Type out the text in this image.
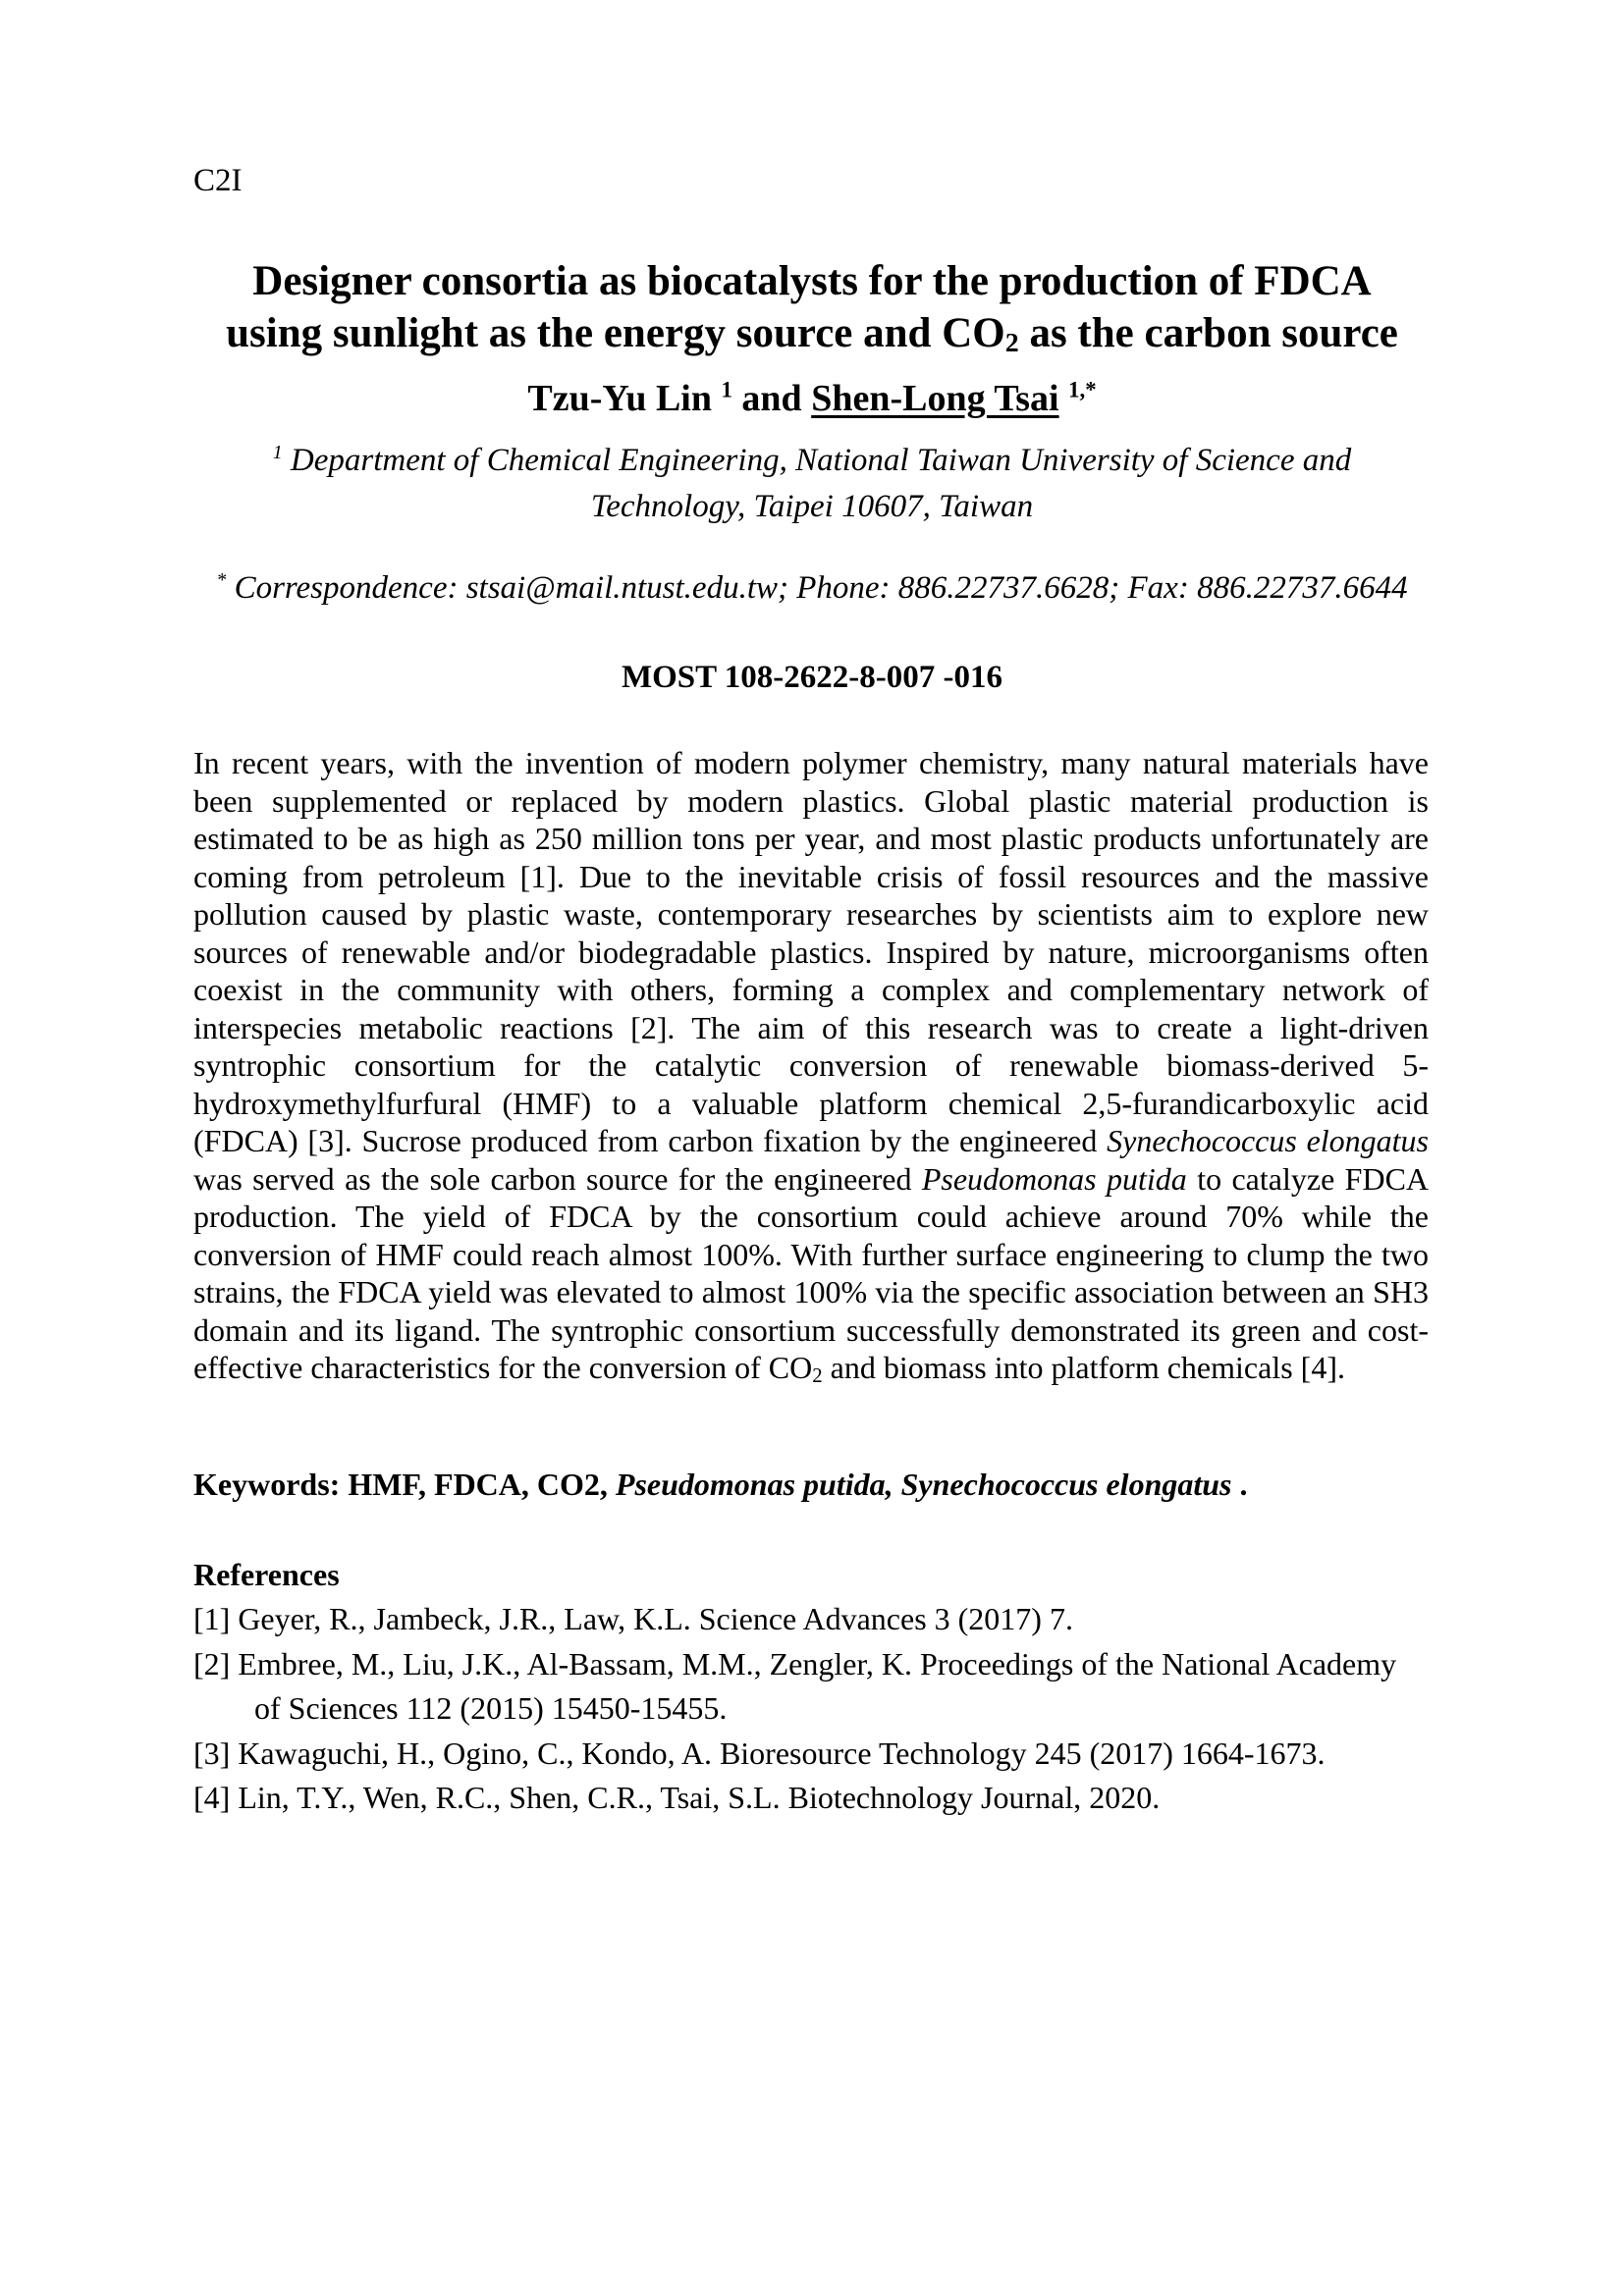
C2I
Designer consortia as biocatalysts for the production of FDCA
using sunlight as the energy source and $CO_2$ as the carbon source
Tzu-Yu Lin $^1$ and Shen-Long Tsai $^{1,*}$
$^1$ Department of Chemical Engineering, National Taiwan University of Science and
Technology, Taipei 10607, Taiwan
* Correspondence: stsai@mail.ntust.edu.tw; Phone: 886.22737.6628; Fax: 886.22737.6644
MOST 108-2622-8-007 -016
In recent years, with the invention of modern polymer chemistry, many natural materials have been supplemented or replaced by modern plastics. Global plastic material production is estimated to be as high as 250 million tons per year, and most plastic products unfortunately are coming from petroleum [1]. Due to the inevitable crisis of fossil resources and the massive pollution caused by plastic waste, contemporary researches by scientists aim to explore new sources of renewable and/or biodegradable plastics. Inspired by nature, microorganisms often coexist in the community with others, forming a complex and complementary network of interspecies metabolic reactions [2]. The aim of this research was to create a light-driven syntrophic consortium for the catalytic conversion of renewable biomass-derived 5-hydroxymethylfurfural (HMF) to a valuable platform chemical 2,5-furandicarboxylic acid (FDCA) [3]. Sucrose produced from carbon fixation by the engineered Synechococcus elongatus was served as the sole carbon source for the engineered Pseudomonas putida to catalyze FDCA production. The yield of FDCA by the consortium could achieve around 70% while the conversion of HMF could reach almost 100%. With further surface engineering to clump the two strains, the FDCA yield was elevated to almost 100% via the specific association between an SH3 domain and its ligand. The syntrophic consortium successfully demonstrated its green and cost-effective characteristics for the conversion of $CO_2$ and biomass into platform chemicals [4].
Keywords: HMF, FDCA, CO2, Pseudomonas putida, Synechococcus elongatus .
References
[1] Geyer, R., Jambeck, J.R., Law, K.L. Science Advances 3 (2017) 7.
[2] Embree, M., Liu, J.K., Al-Bassam, M.M., Zengler, K. Proceedings of the National Academy of Sciences 112 (2015) 15450-15455.
[3] Kawaguchi, H., Ogino, C., Kondo, A. Bioresource Technology 245 (2017) 1664-1673.
[4] Lin, T.Y., Wen, R.C., Shen, C.R., Tsai, S.L. Biotechnology Journal, 2020.
